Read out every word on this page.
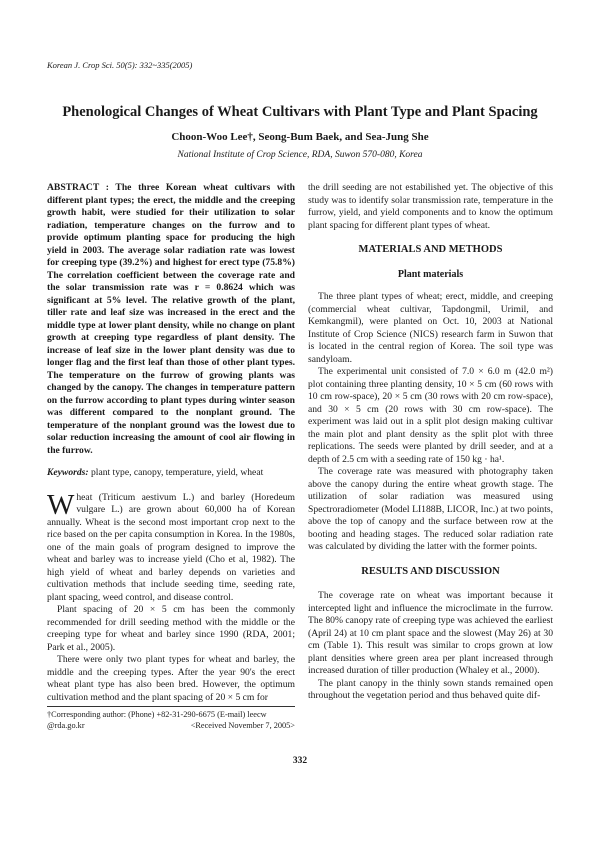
Korean J. Crop Sci. 50(5): 332~335(2005)
Phenological Changes of Wheat Cultivars with Plant Type and Plant Spacing
Choon-Woo Lee†, Seong-Bum Baek, and Sea-Jung She
National Institute of Crop Science, RDA, Suwon 570-080, Korea

ABSTRACT : The three Korean wheat cultivars with different plant types; the erect, the middle and the creeping growth habit, were studied for their utilization to solar radiation, temperature changes on the furrow and to provide optimum planting space for producing the high yield in 2003. The average solar radiation rate was lowest for creeping type (39.2%) and highest for erect type (75.8%) The correlation coefficient between the coverage rate and the solar transmission rate was r = 0.8624 which was significant at 5% level. The relative growth of the plant, tiller rate and leaf size was increased in the erect and the middle type at lower plant density, while no change on plant growth at creeping type regardless of plant density. The increase of leaf size in the lower plant density was due to longer flag and the first leaf than those of other plant types. The temperature on the furrow of growing plants was changed by the canopy. The changes in temperature pattern on the furrow according to plant types during winter season was different compared to the nonplant ground. The temperature of the nonplant ground was the lowest due to solar reduction increasing the amount of cool air flowing in the furrow.

Keywords: plant type, canopy, temperature, yield, wheat

Wheat (Triticum aestivum L.) and barley (Horedeum vulgare L.) are grown about 60,000 ha of Korean annually. Wheat is the second most important crop next to the rice based on the per capita consumption in Korea. In the 1980s, one of the main goals of program designed to improve the wheat and barley was to increase yield (Cho et al, 1982). The high yield of wheat and barley depends on varieties and cultivation methods that include seeding time, seeding rate, plant spacing, weed control, and disease control.

Plant spacing of 20 × 5 cm has been the commonly recommended for drill seeding method with the middle or the creeping type for wheat and barley since 1990 (RDA, 2001; Park et al., 2005).

There were only two plant types for wheat and barley, the middle and the creeping types. After the year 90's the erect wheat plant type has also been bred. However, the optimum cultivation method and the plant spacing of 20 × 5 cm for

the drill seeding are not estabilished yet. The objective of this study was to identify solar transmission rate, temperature in the furrow, yield, and yield components and to know the optimum plant spacing for different plant types of wheat.

MATERIALS AND METHODS
Plant materials

The three plant types of wheat; erect, middle, and creeping (commercial wheat cultivar, Tapdongmil, Urimil, and Kemkangmil), were planted on Oct. 10, 2003 at National Institute of Crop Science (NICS) research farm in Suwon that is located in the central region of Korea. The soil type was sandyloam.

The experimental unit consisted of 7.0 × 6.0 m (42.0 m²) plot containing three planting density, 10 × 5 cm (60 rows with 10 cm row-space), 20 × 5 cm (30 rows with 20 cm row-space), and 30 × 5 cm (20 rows with 30 cm row-space). The experiment was laid out in a split plot design making cultivar the main plot and plant density as the split plot with three replications. The seeds were planted by drill seeder, and at a depth of 2.5 cm with a seeding rate of 150 kg · ha¹.

The coverage rate was measured with photography taken above the canopy during the entire wheat growth stage. The utilization of solar radiation was measured using Spectroradiometer (Model LI188B, LICOR, Inc.) at two points, above the top of canopy and the surface between row at the booting and heading stages. The reduced solar radiation rate was calculated by dividing the latter with the former points.

RESULTS AND DISCUSSION

The coverage rate on wheat was important because it intercepted light and influence the microclimate in the furrow. The 80% canopy rate of creeping type was achieved the earliest (April 24) at 10 cm plant space and the slowest (May 26) at 30 cm (Table 1). This result was similar to crops grown at low plant densities where green area per plant increased through increased duration of tiller production (Whaley et al., 2000).

The plant canopy in the thinly sown stands remained open throughout the vegetation period and thus behaved quite dif-

†Corresponding author: (Phone) +82-31-290-6675 (E-mail) leecw
@rda.go.kr	<Received November 7, 2005>
332
